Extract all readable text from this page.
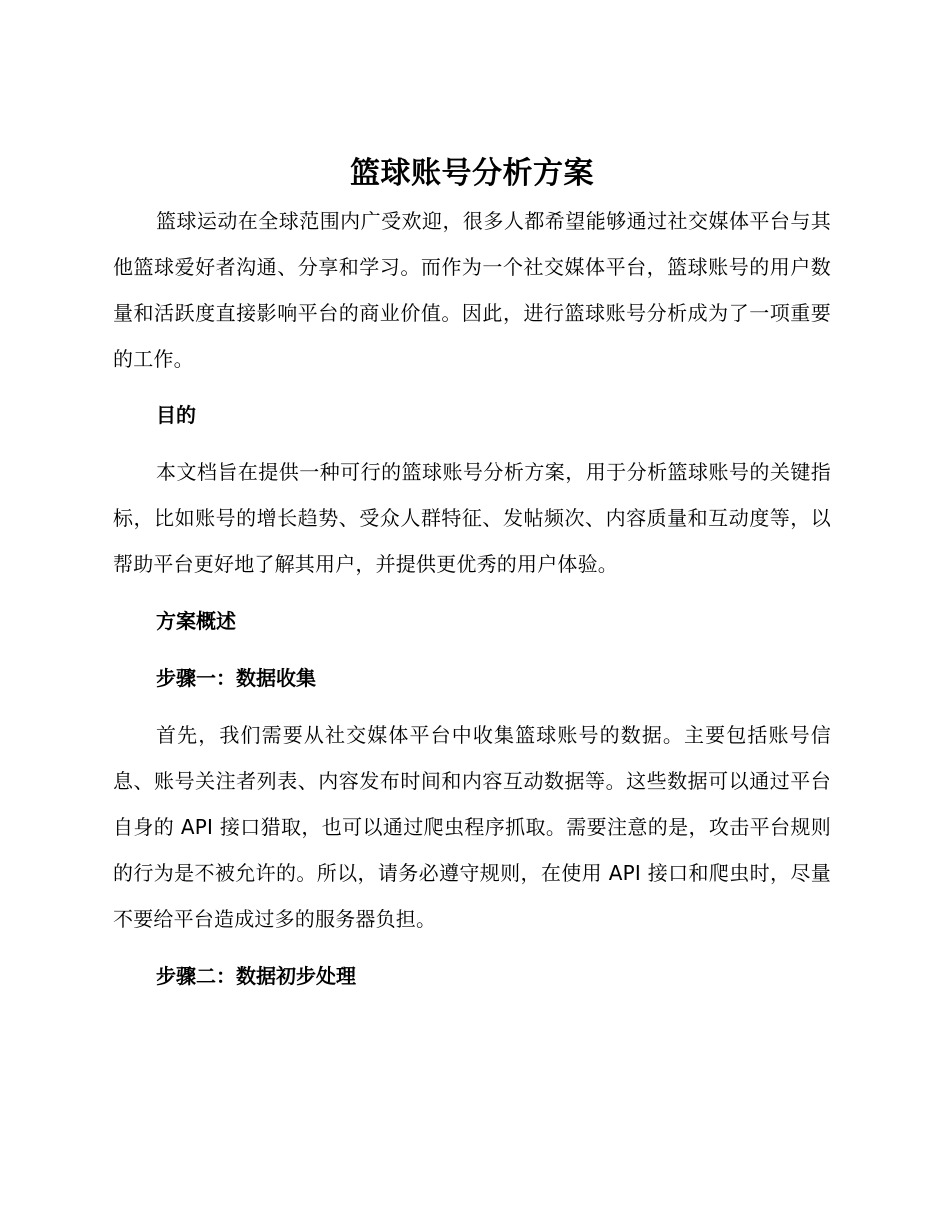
篮球账号分析方案

篮球运动在全球范围内广受欢迎，很多人都希望能够通过社交媒体平台与其他篮球爱好者沟通、分享和学习。而作为一个社交媒体平台，篮球账号的用户数量和活跃度直接影响平台的商业价值。因此，进行篮球账号分析成为了一项重要的工作。

目的

本文档旨在提供一种可行的篮球账号分析方案，用于分析篮球账号的关键指标，比如账号的增长趋势、受众人群特征、发帖频次、内容质量和互动度等，以帮助平台更好地了解其用户，并提供更优秀的用户体验。

方案概述
步骤一：数据收集

首先，我们需要从社交媒体平台中收集篮球账号的数据。主要包括账号信息、账号关注者列表、内容发布时间和内容互动数据等。这些数据可以通过平台自身的 API 接口猎取，也可以通过爬虫程序抓取。需要注意的是，攻击平台规则的行为是不被允许的。所以，请务必遵守规则，在使用 API 接口和爬虫时，尽量不要给平台造成过多的服务器负担。

步骤二：数据初步处理
